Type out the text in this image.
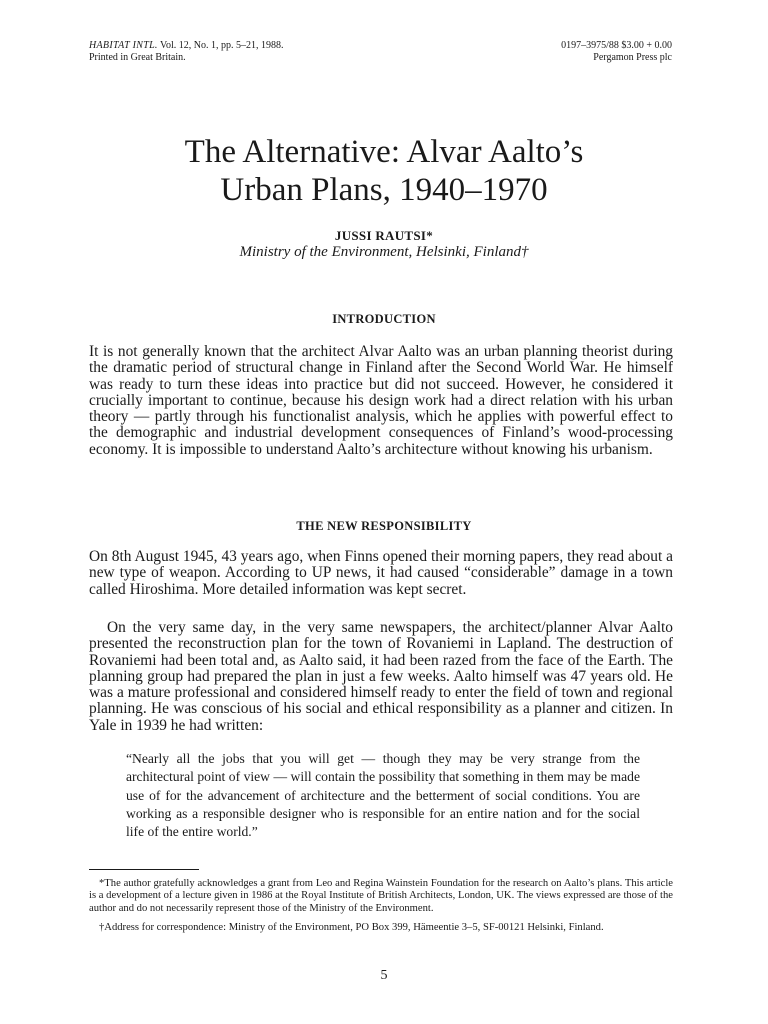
HABITAT INTL. Vol. 12, No. 1, pp. 5–21, 1988.
Printed in Great Britain.
0197–3975/88 $3.00 + 0.00
Pergamon Press plc
The Alternative: Alvar Aalto’s
Urban Plans, 1940–1970
JUSSI RAUTSI*
Ministry of the Environment, Helsinki, Finland†
INTRODUCTION

It is not generally known that the architect Alvar Aalto was an urban planning theorist during the dramatic period of structural change in Finland after the Second World War. He himself was ready to turn these ideas into practice but did not succeed. However, he considered it crucially important to continue, because his design work had a direct relation with his urban theory — partly through his functionalist analysis, which he applies with powerful effect to the demographic and industrial development consequences of Finland’s wood-processing economy. It is impossible to understand Aalto’s architecture without knowing his urbanism.

THE NEW RESPONSIBILITY

On 8th August 1945, 43 years ago, when Finns opened their morning papers, they read about a new type of weapon. According to UP news, it had caused “considerable” damage in a town called Hiroshima. More detailed information was kept secret.

On the very same day, in the very same newspapers, the architect/planner Alvar Aalto presented the reconstruction plan for the town of Rovaniemi in Lapland. The destruction of Rovaniemi had been total and, as Aalto said, it had been razed from the face of the Earth. The planning group had prepared the plan in just a few weeks. Aalto himself was 47 years old. He was a mature professional and considered himself ready to enter the field of town and regional planning. He was conscious of his social and ethical responsibility as a planner and citizen. In Yale in 1939 he had written:

“Nearly all the jobs that you will get — though they may be very strange from the architectural point of view — will contain the possibility that something in them may be made use of for the advancement of architecture and the betterment of social conditions. You are working as a responsible designer who is responsible for an entire nation and for the social life of the entire world.”

*The author gratefully acknowledges a grant from Leo and Regina Wainstein Foundation for the research on Aalto’s plans. This article is a development of a lecture given in 1986 at the Royal Institute of British Architects, London, UK. The views expressed are those of the author and do not necessarily represent those of the Ministry of the Environment.

†Address for correspondence: Ministry of the Environment, PO Box 399, Hämeentie 3–5, SF-00121 Helsinki, Finland.

5
